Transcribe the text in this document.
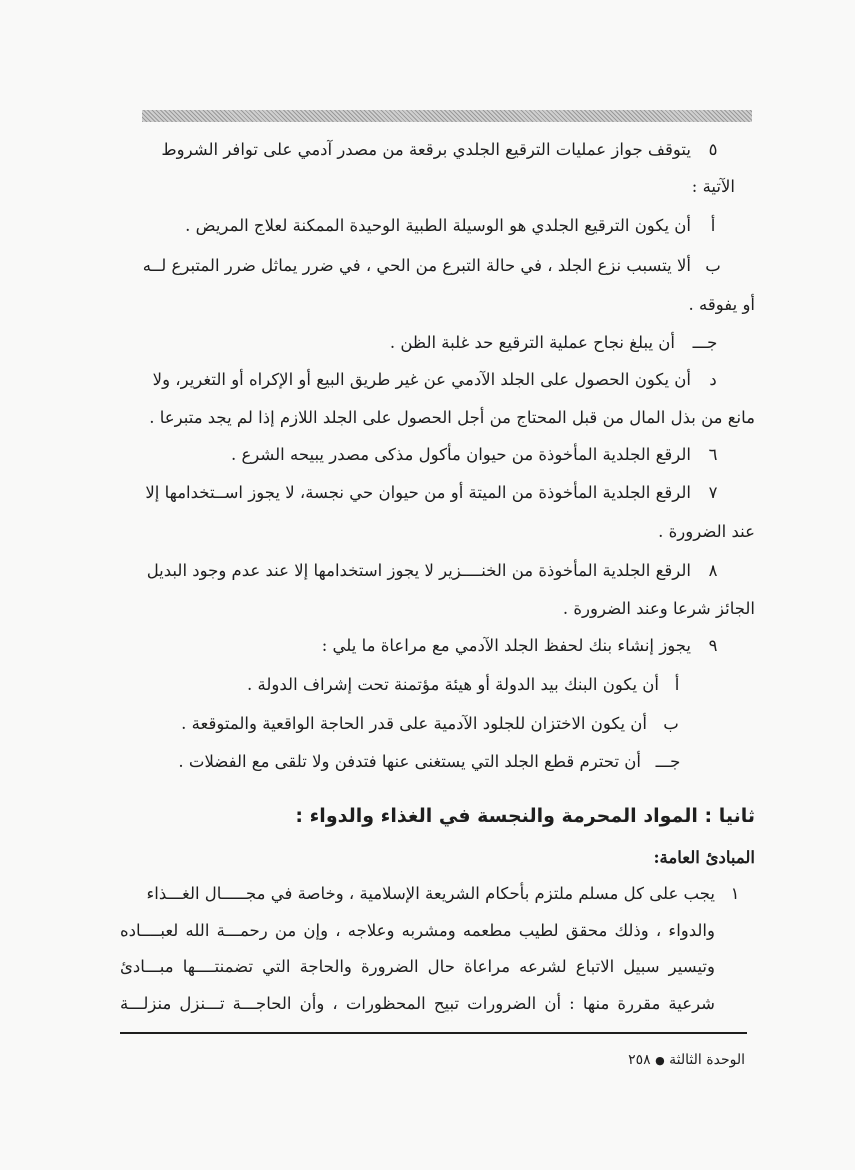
٥
يتوقف جواز عمليات الترقيع الجلدي برقعة من مصدر آدمي على توافر الشروط
الآتية :
أ
أن يكون الترقيع الجلدي هو الوسيلة الطبية الوحيدة الممكنة لعلاج المريض .
ب
ألا يتسبب نزع الجلد ، في حالة التبرع من الحي ، في ضرر يماثل ضرر المتبرع لــه
أو يفوقه .
جـــ
أن يبلغ نجاح عملية الترقيع حد غلبة الظن .
د
أن يكون الحصول على الجلد الآدمي عن غير طريق البيع أو الإكراه أو التغرير، ولا
مانع من بذل المال من قبل المحتاج من أجل الحصول على الجلد اللازم إذا لم يجد متبرعا .
٦
الرقع الجلدية المأخوذة من حيوان مأكول مذكى مصدر يبيحه الشرع .
٧
الرقع الجلدية المأخوذة من الميتة أو من حيوان حي نجسة، لا يجوز اســتخدامها إلا
عند الضرورة .
٨
الرقع الجلدية المأخوذة من الخنــــزير لا يجوز استخدامها إلا عند عدم وجود البديل
الجائز شرعا وعند الضرورة .
٩
يجوز إنشاء بنك لحفظ الجلد الآدمي مع مراعاة ما يلي :
أ
أن يكون البنك بيد الدولة أو هيئة مؤتمنة تحت إشراف الدولة .
ب
أن يكون الاختزان للجلود الآدمية على قدر الحاجة الواقعية والمتوقعة .
جـــ
أن تحترم قطع الجلد التي يستغنى عنها فتدفن ولا تلقى مع الفضلات .
ثانيا : المواد المحرمة والنجسة في الغذاء والدواء :
المبادئ العامة:
١
يجب على كل مسلم ملتزم بأحكام الشريعة الإسلامية ، وخاصة في مجـــــال الغـــذاء
والدواء ، وذلك محقق لطيب مطعمه ومشربه وعلاجه ، وإن من رحمـــة الله لعبــــاده
وتيسير سبيل الاتباع لشرعه مراعاة حال الضرورة والحاجة التي تضمنتــــها مبـــادئ
شرعية مقررة منها : أن الضرورات تبيح المحظورات ، وأن الحاجـــة تـــنزل منزلـــة
الوحدة الثالثة ● ٢٥٨
